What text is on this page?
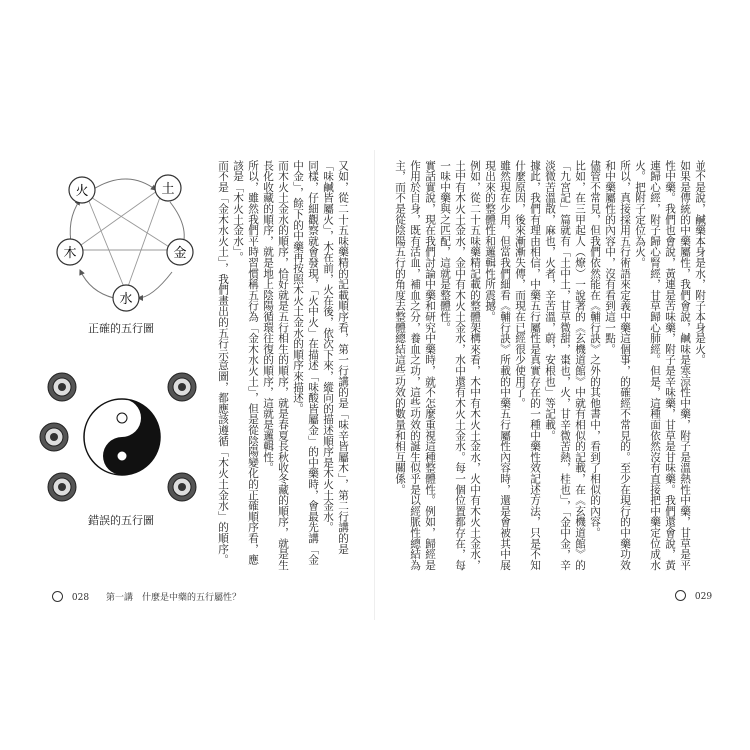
火	土
木	金
水
正確的五行圖
錯誤的五行圖	又如，從二十五味藥精的記載順序看，第一行講的是「味辛皆屬木」，第二行講的是「味鹹皆屬火」，木在前，火在後，依次下來，縱向的描述順序是木火土金水。

同樣，仔細觀察就會發現，「火中火」在描述「味酸皆屬金」的中藥時，會最先講「金中金」，餘下的中藥再按照木火土金水的順序來描述。

而木火土金水的順序，恰好就是五行相生的順序，就是春夏長秋收冬藏的順序，就是生長化收藏的順序，就是地上陰陽循環往復的順序，這就是邏輯性。

所以，雖然我們平時習慣稱五行為「金木水火土」，但是從陰陽變化的正確順序看，應該是「木火土金水」。

而不是「金木水火土」，我們畫出的五行示意圖，都應該遵循「木火土金水」的順序。

028 第一講　什麼是中藥的五行屬性？

並不是說，鹹藥本身是水，附子本身是火。

如果是傳統的中藥屬性，我們會說，鹹味是寒涼性中藥，附子是溫熱性中藥，甘草是平性中藥。我們也會說，黃連是苦味藥，附子是辛味藥，甘草是甘味藥。我們還會說，黃連歸心經，附子歸心腎經，甘草歸心肺經。但是，這種面依然沒有直接把中藥定位成水火。把附子定位為火。

所以，真接採用五行術語來定義中藥這個事，的確經不常見的。至少在現行的中藥功效和中藥屬性的內容中，沒有看到這一點。

儘管不常見，但我們依然能在《輔行訣》之外的其他書中，看到了相似的內容。

比如，在三甲起人（燎）一說著的《玄機道館》中就有相似的記載，在《玄機道館》的「九宮記」篇就有「土中土，甘草微甜，棗也，火，甘辛微苦熱，桂也」，「金中金，辛淡微苦溫散，麻也，火者，辛苦溫，蔚，安根也」等記載。

據此，我們有理由相信，中藥五行屬性是真實存在的一種中藥性效記述方法，只是不知什麼原因，後來漸漸失傳，而現在已經很少使用了。

雖然現在少用，但當我們細看《輔行訣》所載的中藥五行屬性內容時，還是會被其中展現出來的整體性和邏輯性所震撼。

例如，從二十五味藥精記載的整體架構來看，木中有木火土金水，火中有木火土金水，土中有木火土金水，金中有木火土金水，水中還有木火土金水。每一個位置都存在，每一味中藥與之匹配，這就是整體性。

實話實說，現在我們討論中藥和研究中藥時，就不怎麼重視這種整體性。例如，歸經是作用於自身，既有活血，補血之分，養血之功，這些功效的誕生似乎是以經脈性總結為主，而不是從陰陽五行的角度去整體總結這些功效的數量和相互關係。

029
